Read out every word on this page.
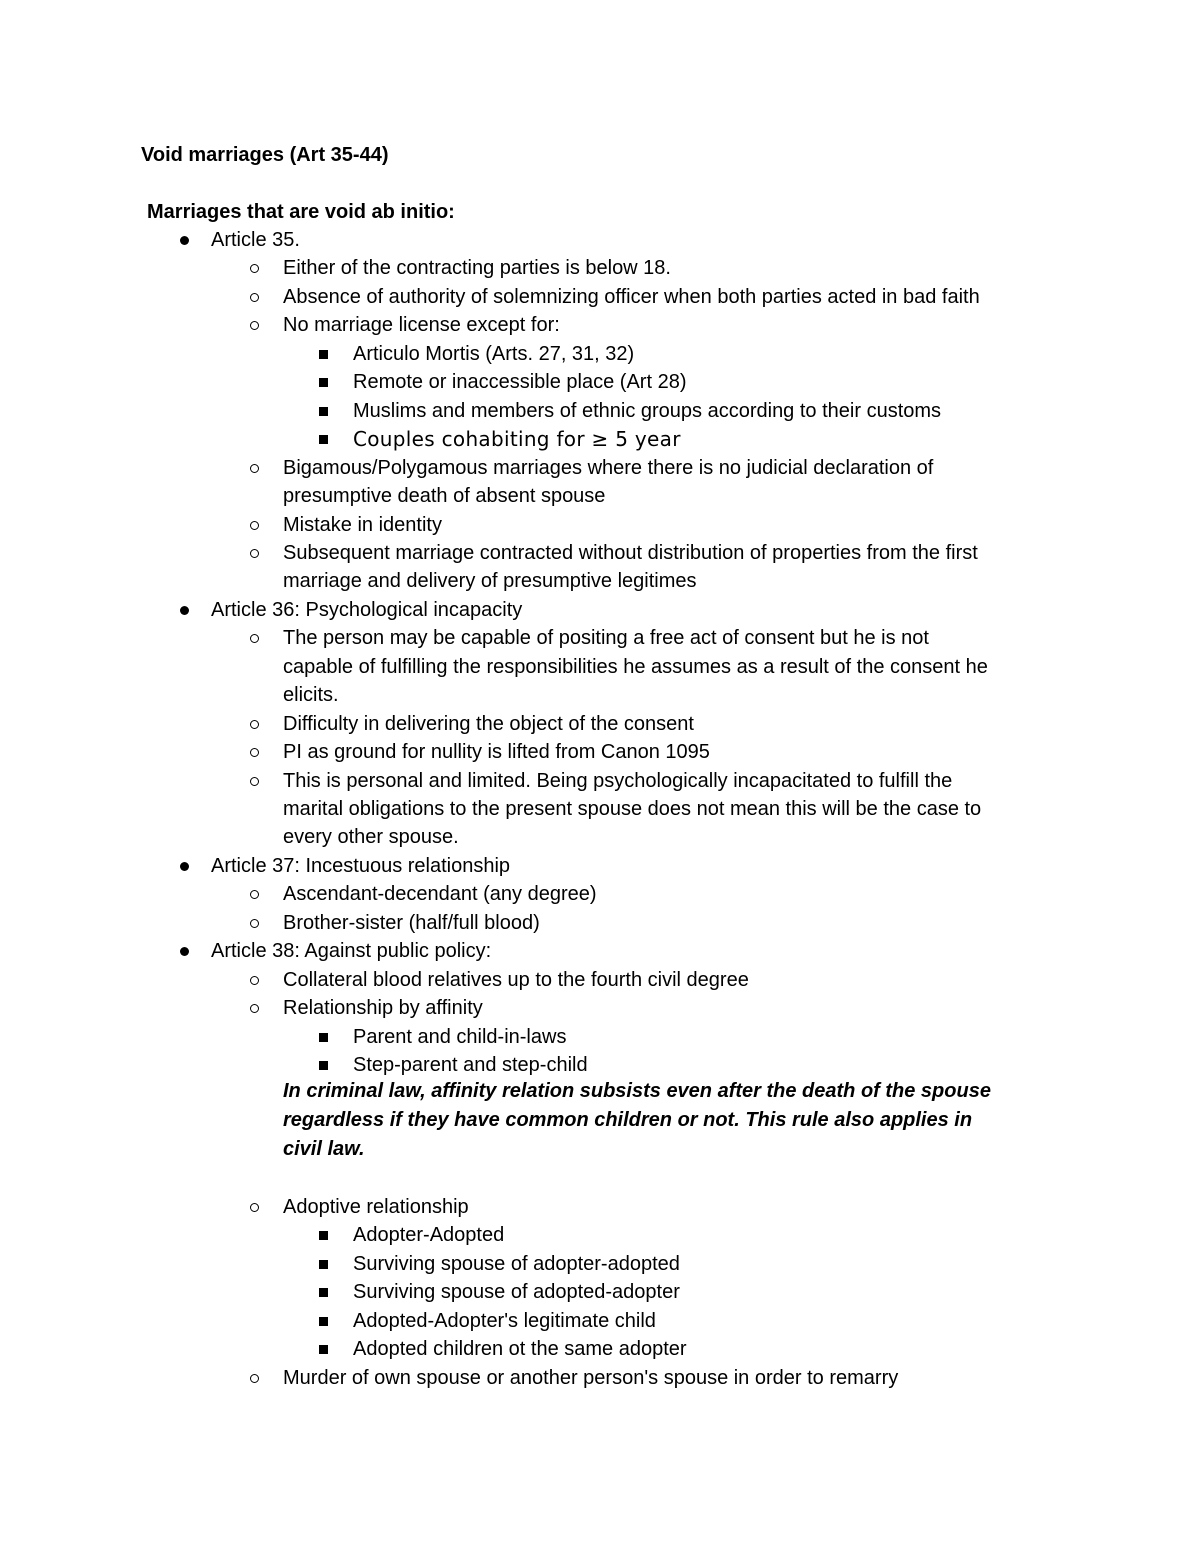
Void marriages (Art 35-44)
Marriages that are void ab initio:
Article 35.
Either of the contracting parties is below 18.
Absence of authority of solemnizing officer when both parties acted in bad faith
No marriage license except for:
Articulo Mortis (Arts. 27, 31, 32)
Remote or inaccessible place (Art 28)
Muslims and members of ethnic groups according to their customs
Couples cohabiting for ≥ 5 year
Bigamous/Polygamous marriages where there is no judicial declaration of
presumptive death of absent spouse
Mistake in identity
Subsequent marriage contracted without distribution of properties from the first
marriage and delivery of presumptive legitimes
Article 36: Psychological incapacity
The person may be capable of positing a free act of consent but he is not
capable of fulfilling the responsibilities he assumes as a result of the consent he
elicits.
Difficulty in delivering the object of the consent
PI as ground for nullity is lifted from Canon 1095
This is personal and limited. Being psychologically incapacitated to fulfill the
marital obligations to the present spouse does not mean this will be the case to
every other spouse.
Article 37: Incestuous relationship
Ascendant-decendant (any degree)
Brother-sister (half/full blood)
Article 38: Against public policy:
Collateral blood relatives up to the fourth civil degree
Relationship by affinity
Parent and child-in-laws
Step-parent and step-child
In criminal law, affinity relation subsists even after the death of the spouse
regardless if they have common children or not. This rule also applies in
civil law.
Adoptive relationship
Adopter-Adopted
Surviving spouse of adopter-adopted
Surviving spouse of adopted-adopter
Adopted-Adopter's legitimate child
Adopted children ot the same adopter
Murder of own spouse or another person's spouse in order to remarry
